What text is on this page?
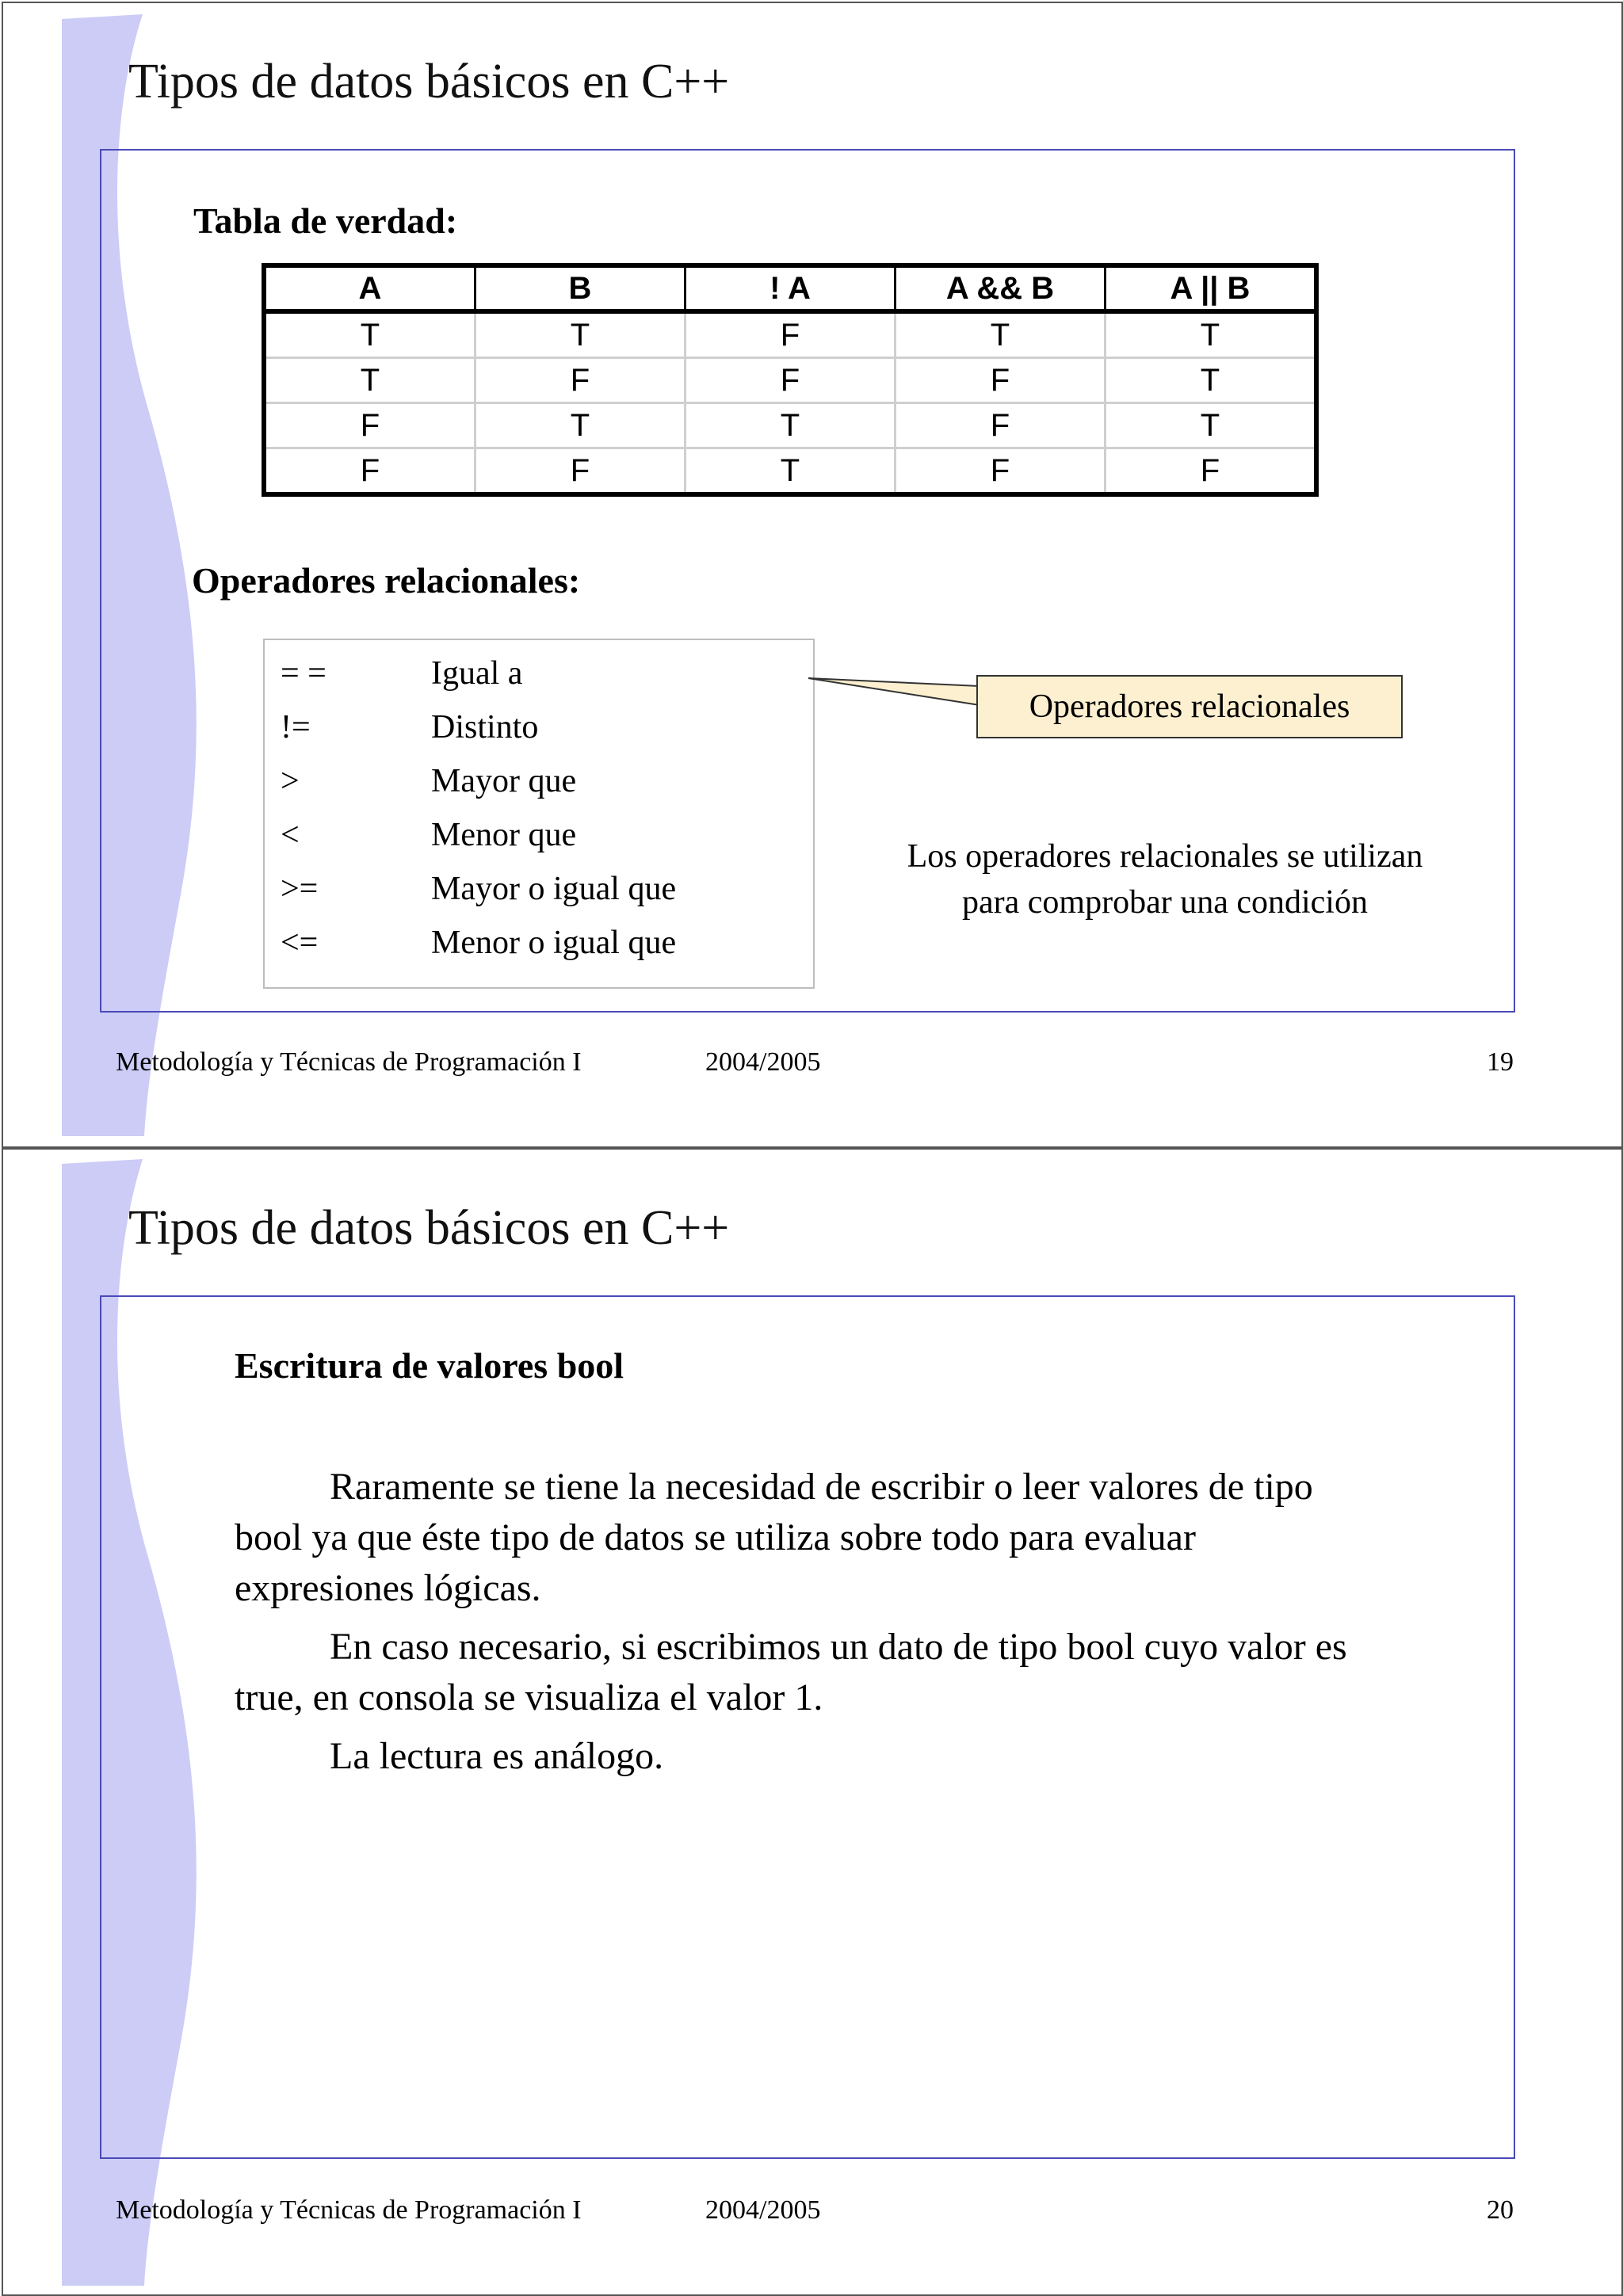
Tipos de datos básicos en C++
Tabla de verdad:
A	B	! A	A && B	A || B
T	T	F	T	T
T	F	F	F	T
F	T	T	F	T
F	F	T	F	F
Operadores relacionales:
= =	Igual a
!=	Distinto
>	Mayor que
<	Menor que
>=	Mayor o igual que
<=	Menor o igual que
Operadores relacionales
Los operadores relacionales se utilizan
para comprobar una condición
Metodología y Técnicas de Programación I	2004/2005	19
Tipos de datos básicos en C++
Escritura de valores bool
Raramente se tiene la necesidad de escribir o leer valores de tipo
bool ya que éste tipo de datos se utiliza sobre todo para evaluar
expresiones lógicas.
En caso necesario, si escribimos un dato de tipo bool cuyo valor es
true, en consola se visualiza el valor 1.
La lectura es análogo.
Metodología y Técnicas de Programación I	2004/2005	20
